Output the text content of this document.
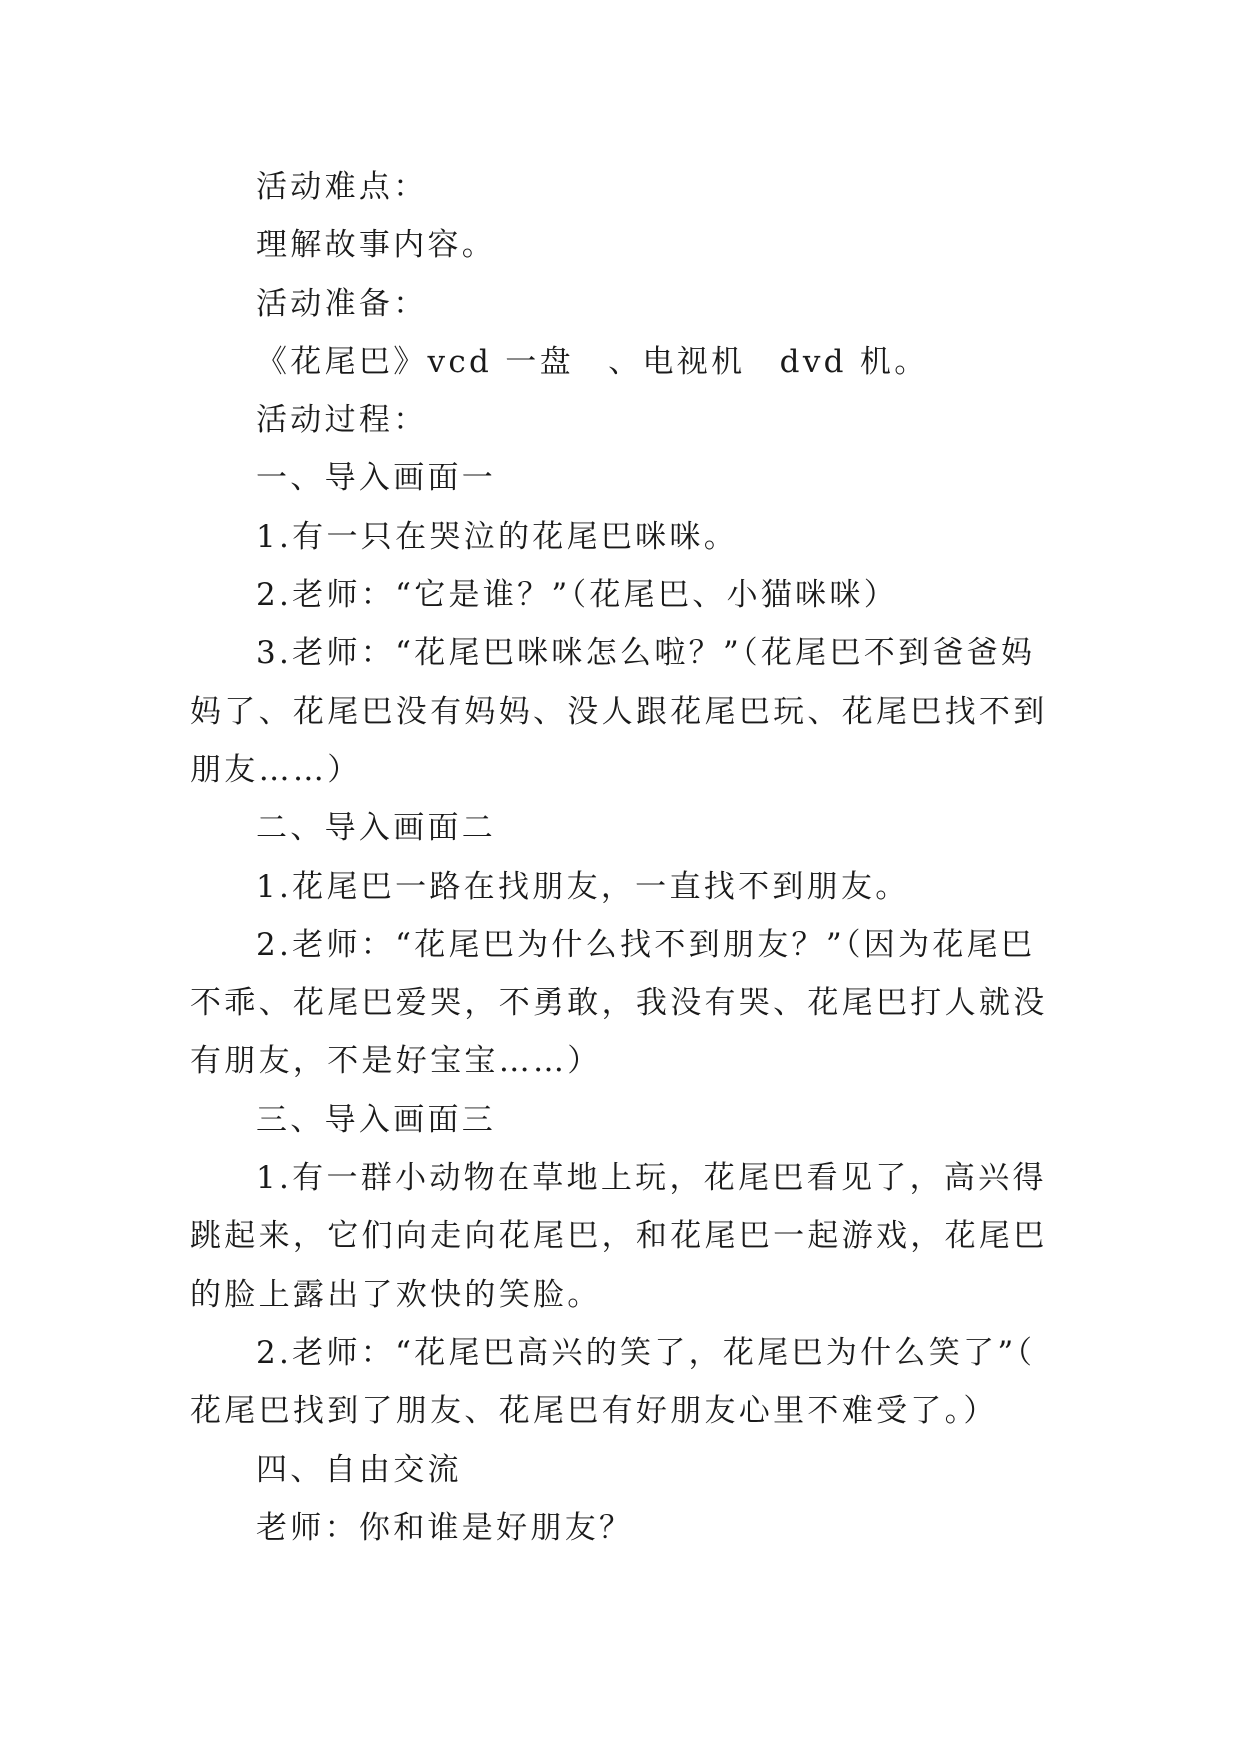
活动难点：

理解故事内容。

活动准备：

《花尾巴》vcd 一盘　、电视机　dvd 机。

活动过程：

一、导入画面一

1.有一只在哭泣的花尾巴咪咪。

2.老师：“它是谁？”（花尾巴、小猫咪咪）

3.老师：“花尾巴咪咪怎么啦？”（花尾巴不到爸爸妈妈了、花尾巴没有妈妈、没人跟花尾巴玩、花尾巴找不到朋友……）

二、导入画面二

1.花尾巴一路在找朋友，一直找不到朋友。

2.老师：“花尾巴为什么找不到朋友？”（因为花尾巴不乖、花尾巴爱哭，不勇敢，我没有哭、花尾巴打人就没有朋友，不是好宝宝……）

三、导入画面三

1.有一群小动物在草地上玩，花尾巴看见了，高兴得跳起来，它们向走向花尾巴，和花尾巴一起游戏，花尾巴的脸上露出了欢快的笑脸。

2.老师：“花尾巴高兴的笑了，花尾巴为什么笑了”（ 花尾巴找到了朋友、花尾巴有好朋友心里不难受了。）

四、自由交流

老师：你和谁是好朋友？
